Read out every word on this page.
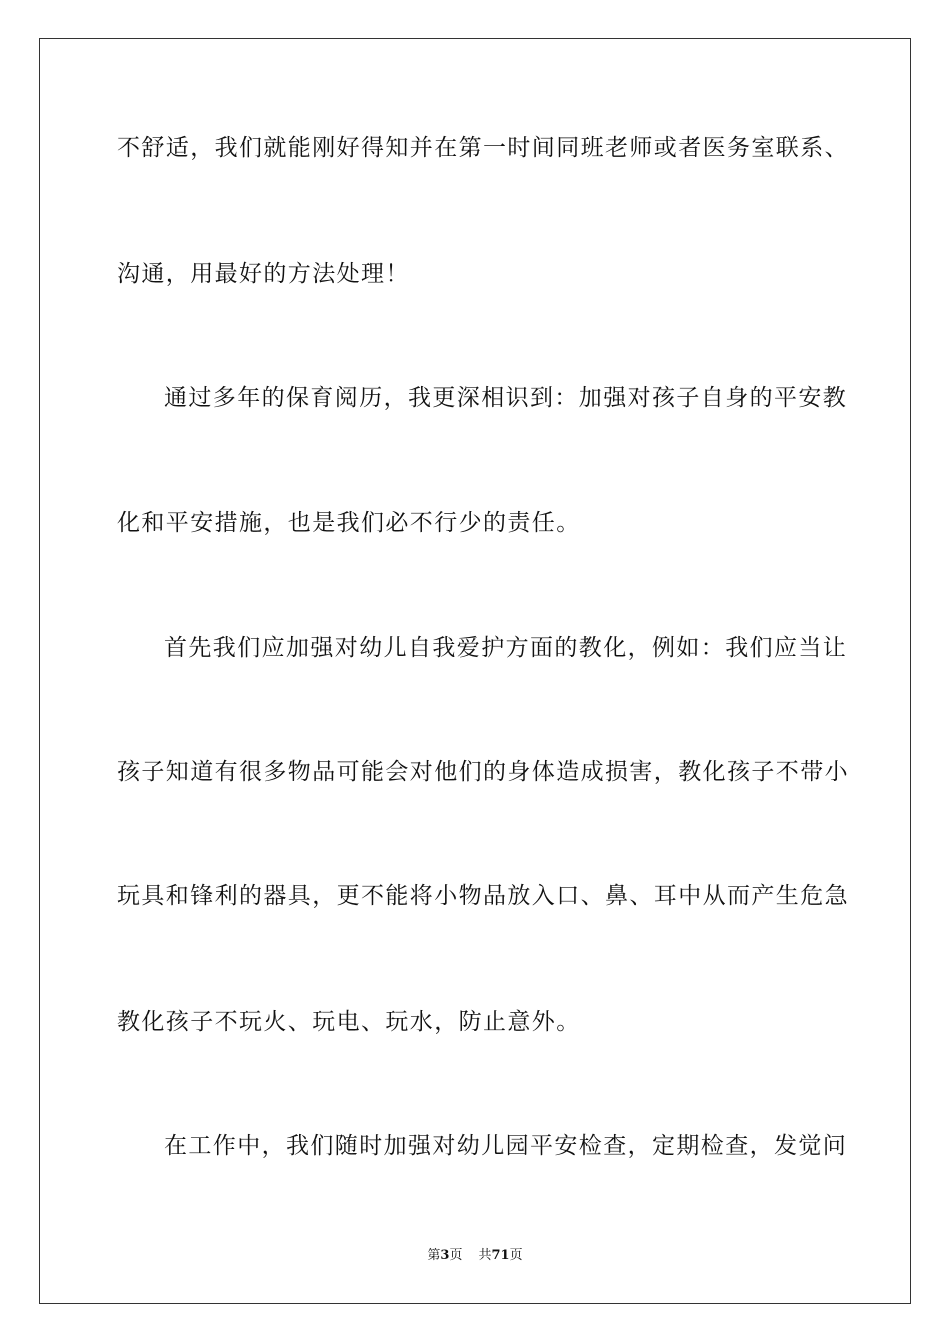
不舒适，我们就能刚好得知并在第一时间同班老师或者医务室联系、
沟通，用最好的方法处理！
通过多年的保育阅历，我更深相识到：加强对孩子自身的平安教
化和平安措施，也是我们必不行少的责任。
首先我们应加强对幼儿自我爱护方面的教化，例如：我们应当让
孩子知道有很多物品可能会对他们的身体造成损害，教化孩子不带小
玩具和锋利的器具，更不能将小物品放入口、鼻、耳中从而产生危急
教化孩子不玩火、玩电、玩水，防止意外。
在工作中，我们随时加强对幼儿园平安检查，定期检查，发觉问
第3页 共71页
